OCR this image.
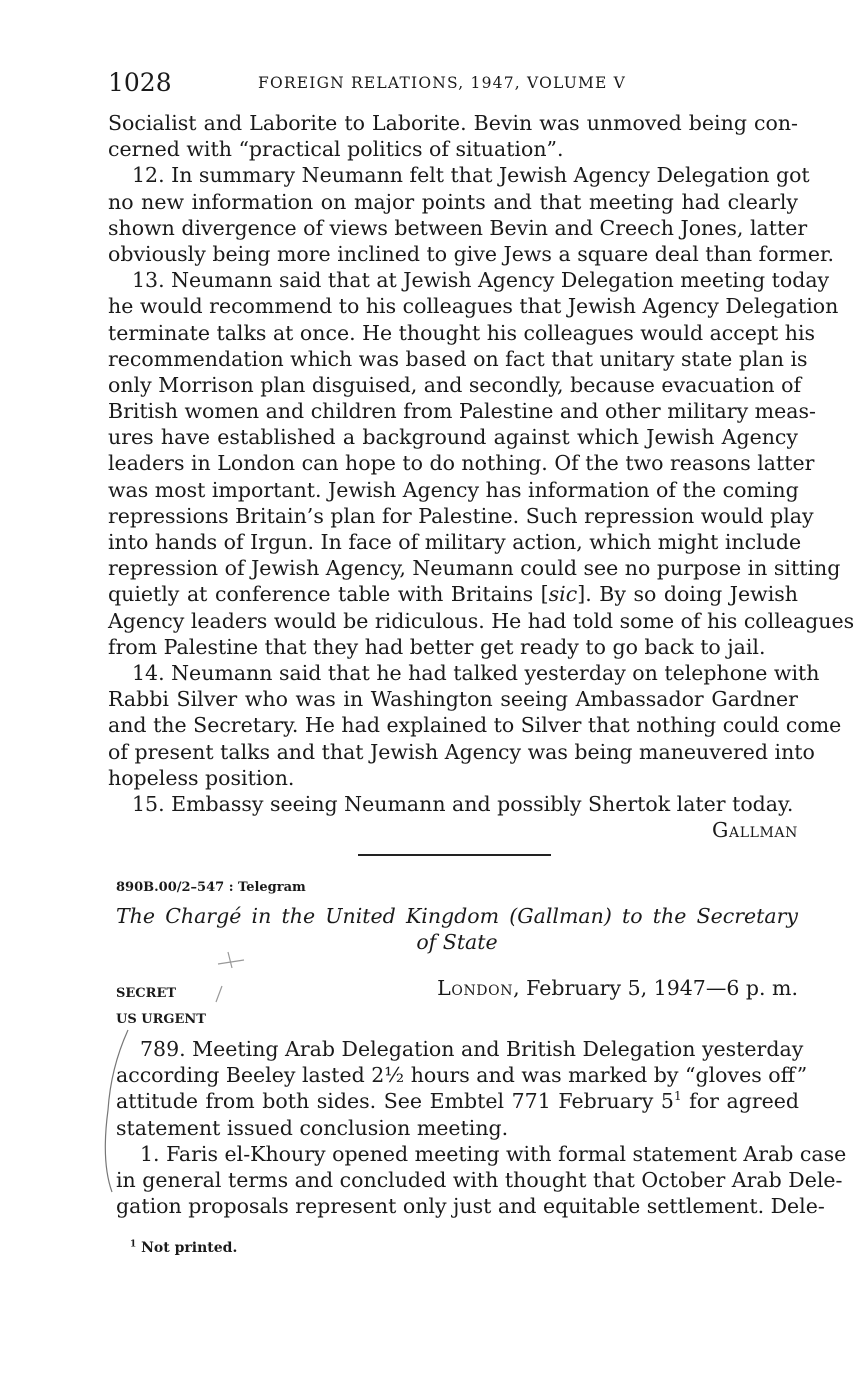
1028	FOREIGN RELATIONS, 1947, VOLUME V
Socialist and Laborite to Laborite. Bevin was unmoved being con-
cerned with “practical politics of situation”.
12. In summary Neumann felt that Jewish Agency Delegation got
no new information on major points and that meeting had clearly
shown divergence of views between Bevin and Creech Jones, latter
obviously being more inclined to give Jews a square deal than former.
13. Neumann said that at Jewish Agency Delegation meeting today
he would recommend to his colleagues that Jewish Agency Delegation
terminate talks at once. He thought his colleagues would accept his
recommendation which was based on fact that unitary state plan is
only Morrison plan disguised, and secondly, because evacuation of
British women and children from Palestine and other military meas-
ures have established a background against which Jewish Agency
leaders in London can hope to do nothing. Of the two reasons latter
was most important. Jewish Agency has information of the coming
repressions Britain’s plan for Palestine. Such repression would play
into hands of Irgun. In face of military action, which might include
repression of Jewish Agency, Neumann could see no purpose in sitting
quietly at conference table with Britains [sic]. By so doing Jewish
Agency leaders would be ridiculous. He had told some of his colleagues
from Palestine that they had better get ready to go back to jail.
14. Neumann said that he had talked yesterday on telephone with
Rabbi Silver who was in Washington seeing Ambassador Gardner
and the Secretary. He had explained to Silver that nothing could come
of present talks and that Jewish Agency was being maneuvered into
hopeless position.
15. Embassy seeing Neumann and possibly Shertok later today.
Gallman
890B.00/2–547 : Telegram
The Chargé in the United Kingdom (Gallman) to the Secretary
of State
SECRET
US URGENT
London, February 5, 1947—6 p. m.
789. Meeting Arab Delegation and British Delegation yesterday
according Beeley lasted 2½ hours and was marked by “gloves off”
attitude from both sides. See Embtel 771 February $5^1$ for agreed
statement issued conclusion meeting.
1. Faris el-Khoury opened meeting with formal statement Arab case
in general terms and concluded with thought that October Arab Dele-
gation proposals represent only just and equitable settlement. Dele-
$^1$ Not printed.
